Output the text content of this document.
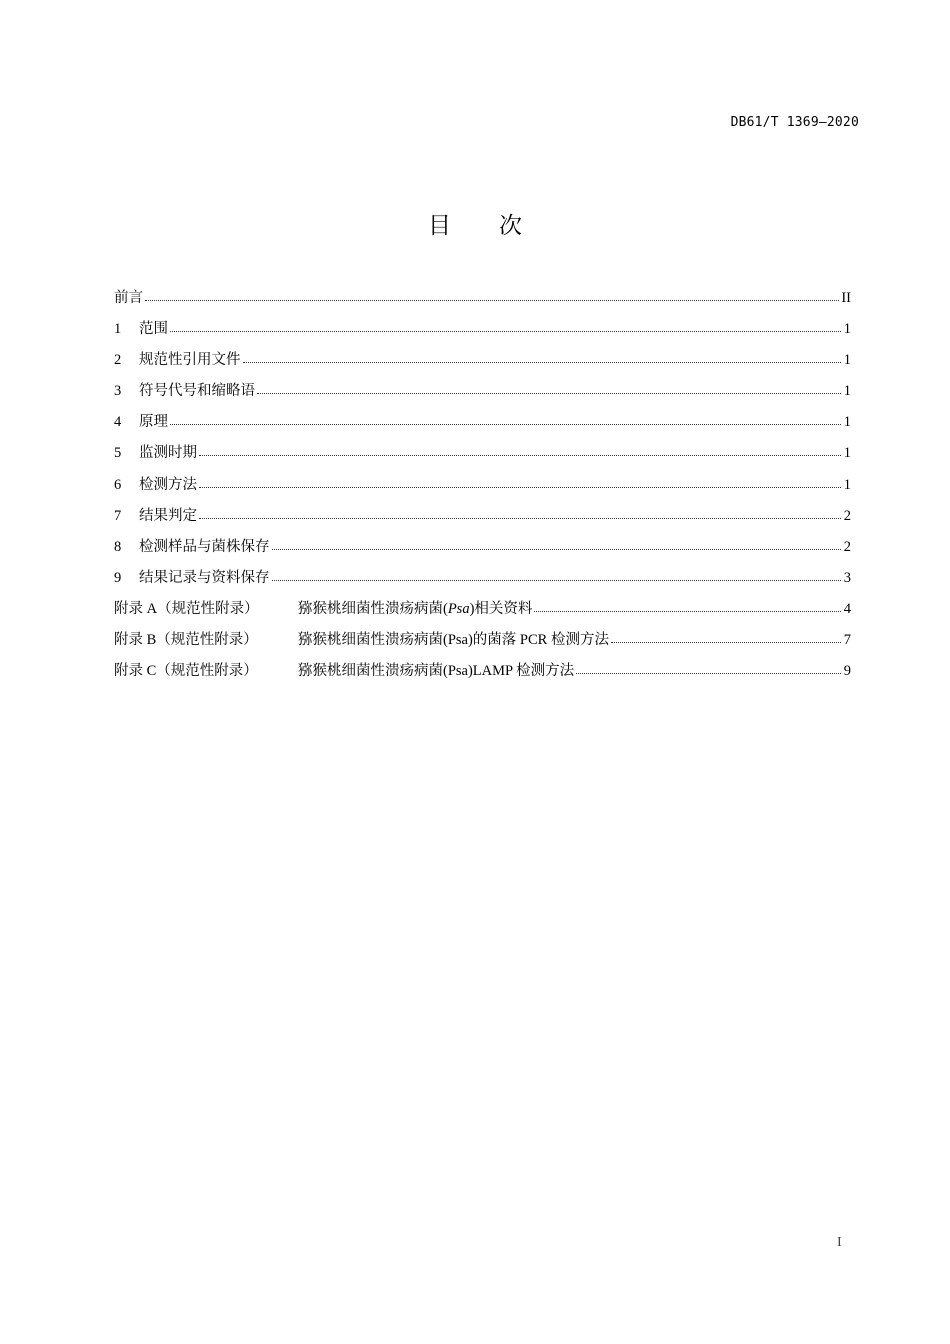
DB61/T 1369—2020
目 次
前言	II
1	范围	1
2	规范性引用文件	1
3	符号代号和缩略语	1
4	原理	1
5	监测时期	1
6	检测方法	1
7	结果判定	2
8	检测样品与菌株保存	2
9	结果记录与资料保存	3
附录 A（规范性附录）	猕猴桃细菌性溃疡病菌(Psa)相关资料	4
附录 B（规范性附录）	猕猴桃细菌性溃疡病菌(Psa)的菌落 PCR 检测方法	7
附录 C（规范性附录）	猕猴桃细菌性溃疡病菌(Psa)LAMP 检测方法	9
I
